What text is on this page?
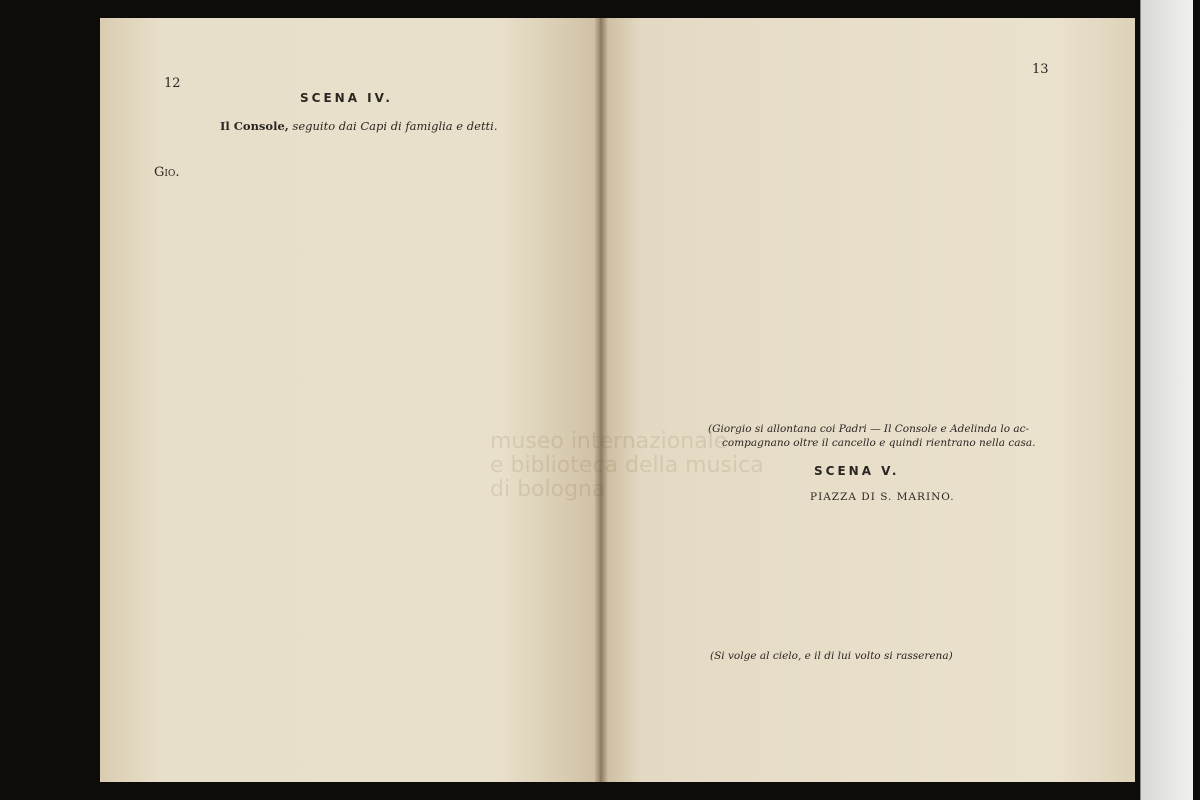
12
SCENA IV.
Il Console, seguito dai Capi di famiglia e detti.
Gio.
13
(Giorgio si allontana coi Padri — Il Console e Adelinda lo ac-
compagnano oltre il cancello e quindi rientrano nella casa.
SCENA V.
PIAZZA DI S. MARINO.
(Si volge al cielo, e il di lui volto si rasserena)
